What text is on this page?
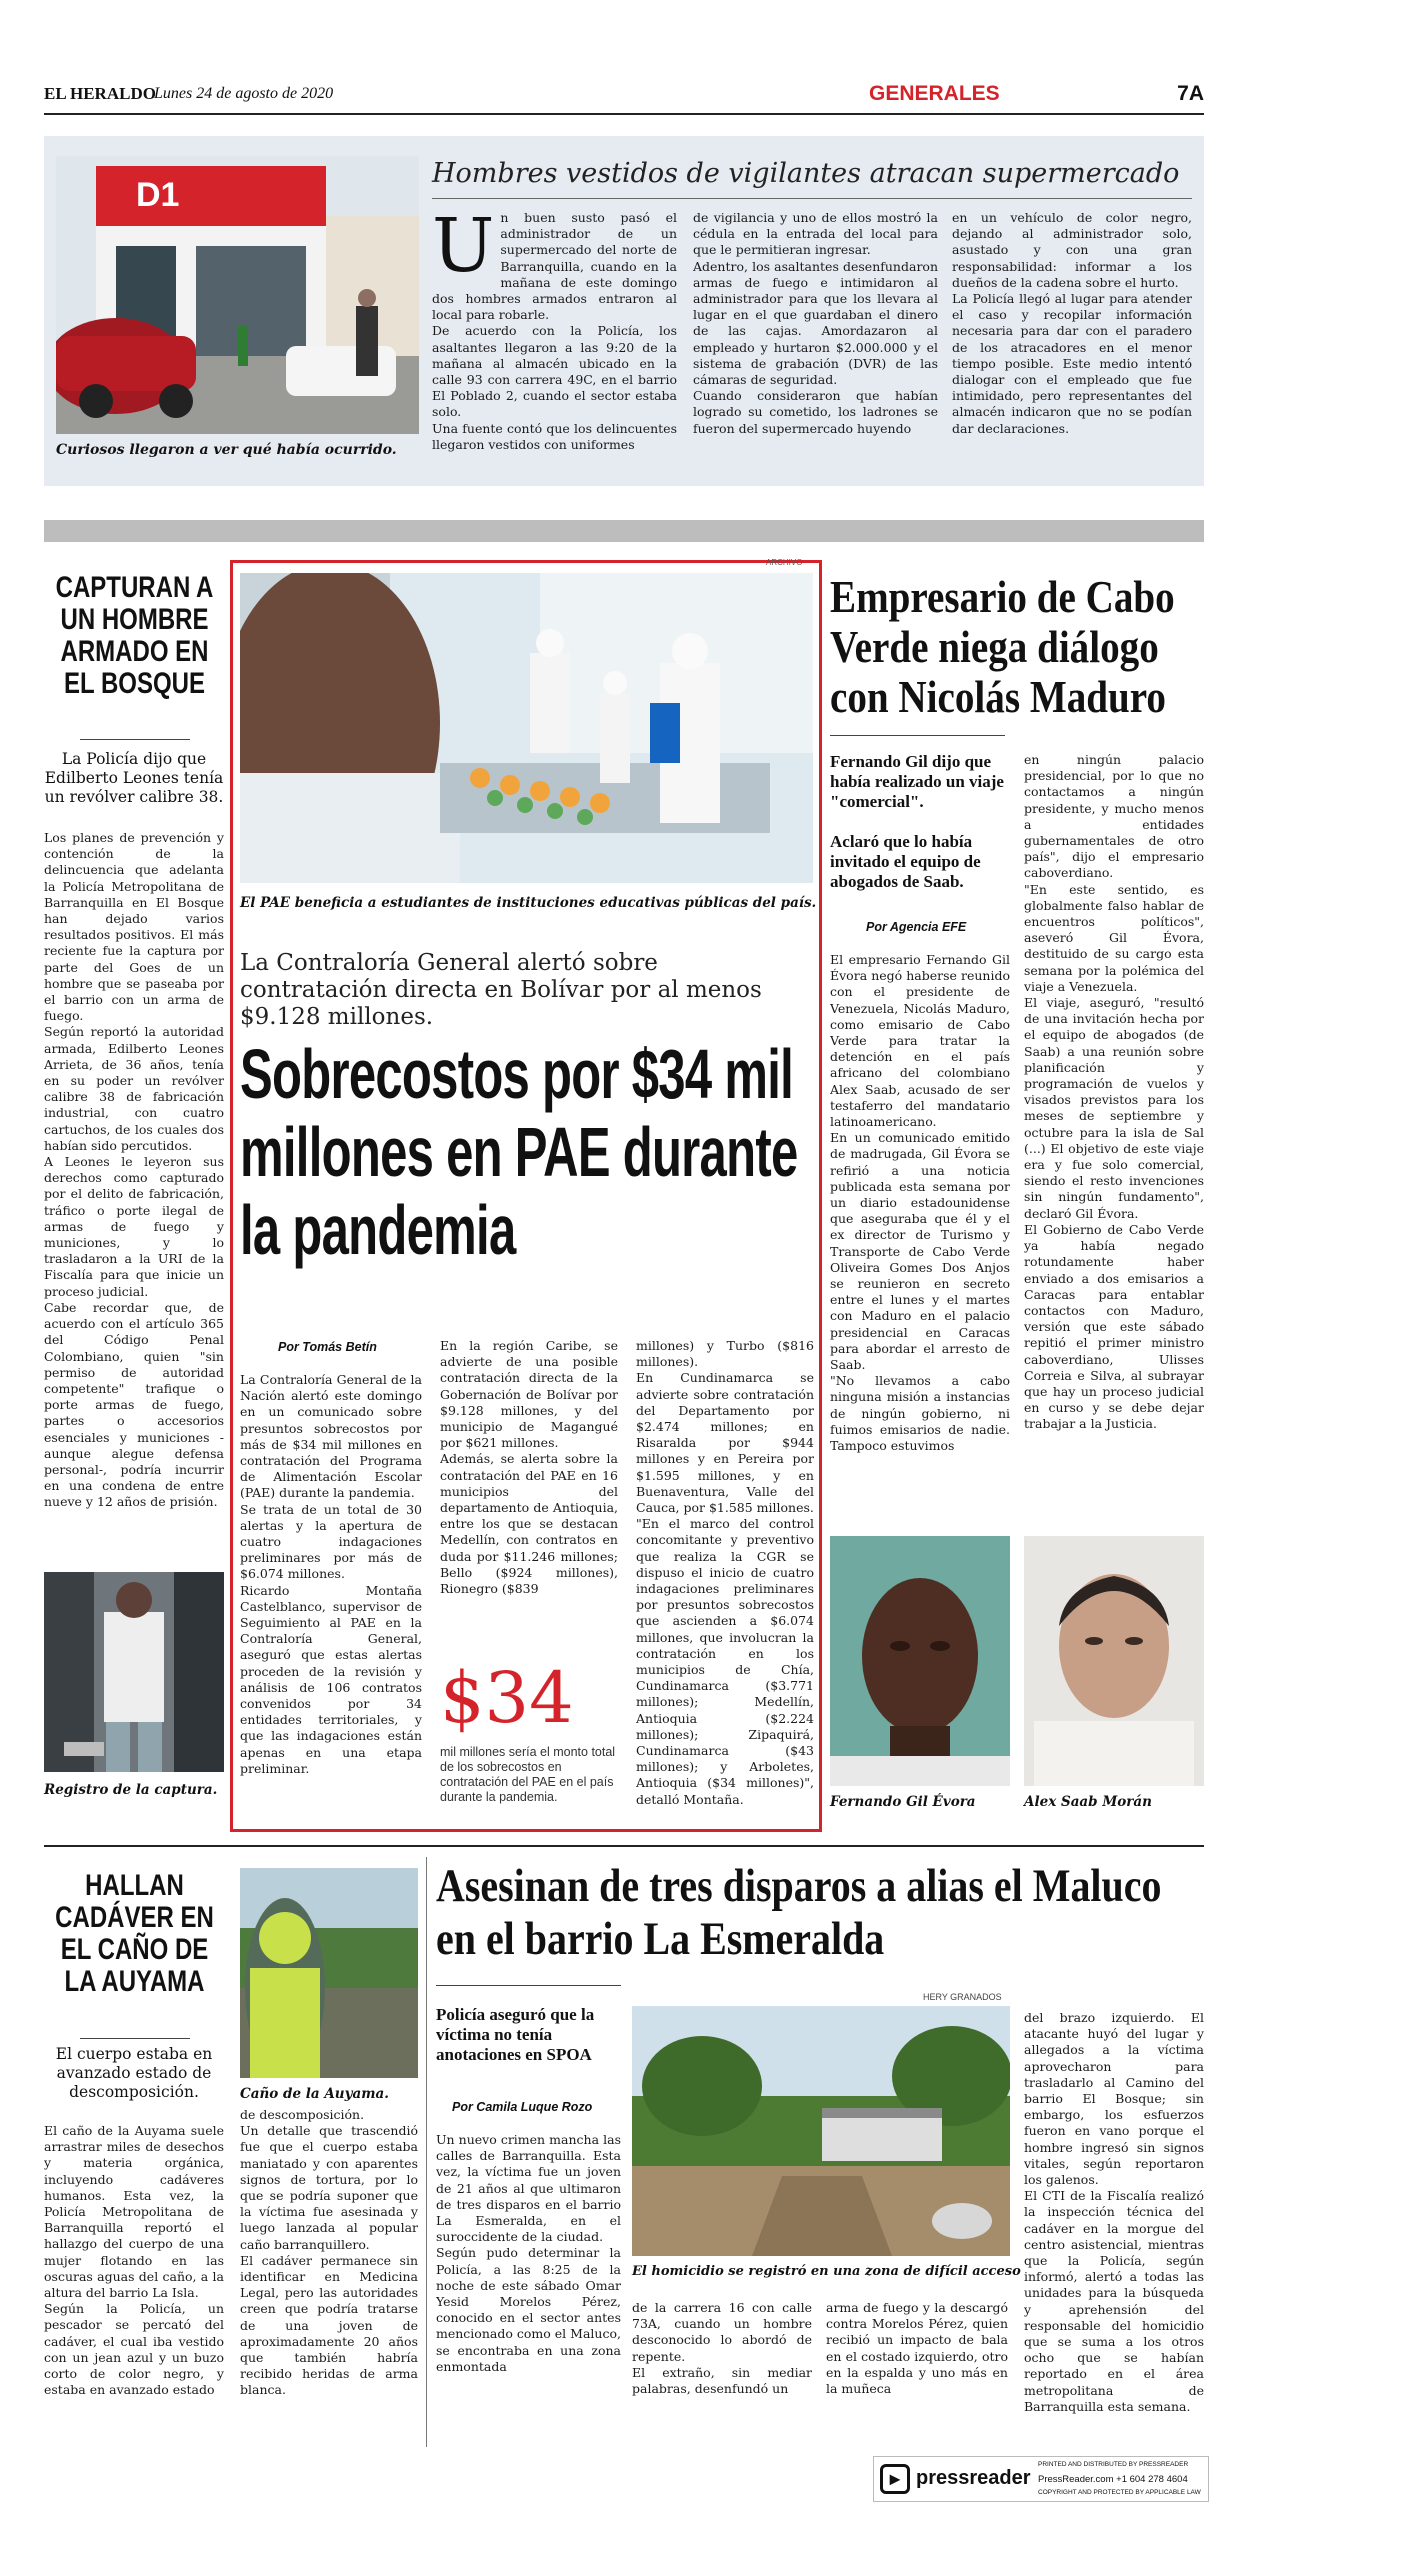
EL HERALDO
Lunes 24 de agosto de 2020	GENERALES	7A
D1
Curiosos llegaron a ver qué había ocurrido.
Hombres vestidos de vigilantes atracan supermercado
U n buen susto pasó el administrador de un supermercado del norte de Barranquilla, cuando en la mañana de este domingo dos hombres armados entraron al local para robarle.
De acuerdo con la Policía, los asaltantes llegaron a las 9:20 de la mañana al almacén ubicado en la calle 93 con carrera 49C, en el barrio El Poblado 2, cuando el sector estaba solo.
Una fuente contó que los delincuentes llegaron vestidos con uniformes

de vigilancia y uno de ellos mostró la cédula en la entrada del local para que le permitieran ingresar.
Adentro, los asaltantes desenfundaron armas de fuego e intimidaron al administrador para que los llevara al lugar en el que guardaban el dinero de las cajas. Amordazaron al empleado y hurtaron $2.000.000 y el sistema de grabación (DVR) de las cámaras de seguridad.
Cuando consideraron que habían logrado su cometido, los ladrones se fueron del supermercado huyendo

en un vehículo de color negro, dejando al administrador solo, asustado y con una gran responsabilidad: informar a los dueños de la cadena sobre el hurto.
La Policía llegó al lugar para atender el caso y recopilar información necesaria para dar con el paradero de los atracadores en el menor tiempo posible. Este medio intentó dialogar con el empleado que fue intimidado, pero representantes del almacén indicaron que no se podían dar declaraciones.

CAPTURAN A UN HOMBRE ARMADO EN EL BOSQUE
La Policía dijo que Edilberto Leones tenía un revólver calibre 38.

Los planes de prevención y contención de la delincuencia que adelanta la Policía Metropolitana de Barranquilla en El Bosque han dejado varios resultados positivos. El más reciente fue la captura por parte del Goes de un hombre que se paseaba por el barrio con un arma de fuego.
Según reportó la autoridad armada, Edilberto Leones Arrieta, de 36 años, tenía en su poder un revólver calibre 38 de fabricación industrial, con cuatro cartuchos, de los cuales dos habían sido percutidos.
A Leones le leyeron sus derechos como capturado por el delito de fabricación, tráfico o porte ilegal de armas de fuego y municiones, y lo trasladaron a la URI de la Fiscalía para que inicie un proceso judicial.
Cabe recordar que, de acuerdo con el artículo 365 del Código Penal Colombiano, quien "sin permiso de autoridad competente" trafique o porte armas de fuego, partes o accesorios esenciales y municiones -aunque alegue defensa personal-, podría incurrir en una condena de entre nueve y 12 años de prisión.

Registro de la captura.
ARCHIVO
El PAE beneficia a estudiantes de instituciones educativas públicas del país.
La Contraloría General alertó sobre contratación directa en Bolívar por al menos $9.128 millones.
Sobrecostos por $34 mil millones en PAE durante la pandemia
Por Tomás Betín

La Contraloría General de la Nación alertó este domingo en un comunicado sobre presuntos sobrecostos por más de $34 mil millones en contratación del Programa de Alimentación Escolar (PAE) durante la pandemia.
Se trata de un total de 30 alertas y la apertura de cuatro indagaciones preliminares por más de $6.074 millones.
Ricardo Montaña Castelblanco, supervisor de Seguimiento al PAE en la Contraloría General, aseguró que estas alertas proceden de la revisión y análisis de 106 contratos convenidos por 34 entidades territoriales, y que las indagaciones están apenas en una etapa preliminar.

En la región Caribe, se advierte de una posible contratación directa de la Gobernación de Bolívar por $9.128 millones, y del municipio de Magangué por $621 millones.
Además, se alerta sobre la contratación del PAE en 16 municipios del departamento de Antioquia, entre los que se destacan Medellín, con contratos en duda por $11.246 millones; Bello ($924 millones), Rionegro ($839

$34
mil millones sería el monto total de los sobrecostos en contratación del PAE en el país durante la pandemia.

millones) y Turbo ($816 millones).
En Cundinamarca se advierte sobre contratación del Departamento por $2.474 millones; en Risaralda por $944 millones y en Pereira por $1.595 millones, y en Buenaventura, Valle del Cauca, por $1.585 millones.
"En el marco del control concomitante y preventivo que realiza la CGR se dispuso el inicio de cuatro indagaciones preliminares por presuntos sobrecostos que ascienden a $6.074 millones, que involucran la contratación en los municipios de Chía, Cundinamarca ($3.771 millones); Medellín, Antioquia ($2.224 millones); Zipaquirá, Cundinamarca ($43 millones); y Arboletes, Antioquia ($34 millones)", detalló Montaña.

Empresario de Cabo Verde niega diálogo con Nicolás Maduro
Fernando Gil dijo que había realizado un viaje "comercial".
Aclaró que lo había invitado el equipo de abogados de Saab.
Por Agencia EFE

El empresario Fernando Gil Évora negó haberse reunido con el presidente de Venezuela, Nicolás Maduro, como emisario de Cabo Verde para tratar la detención en el país africano del colombiano Alex Saab, acusado de ser testaferro del mandatario latinoamericano.
En un comunicado emitido de madrugada, Gil Évora se refirió a una noticia publicada esta semana por un diario estadounidense que aseguraba que él y el ex director de Turismo y Transporte de Cabo Verde Oliveira Gomes Dos Anjos se reunieron en secreto entre el lunes y el martes con Maduro en el palacio presidencial en Caracas para abordar el arresto de Saab.
"No llevamos a cabo ninguna misión a instancias de ningún gobierno, ni fuimos emisarios de nadie. Tampoco estuvimos

en ningún palacio presidencial, por lo que no contactamos a ningún presidente, y mucho menos a entidades gubernamentales de otro país", dijo el empresario caboverdiano.
"En este sentido, es globalmente falso hablar de encuentros políticos", aseveró Gil Évora, destituido de su cargo esta semana por la polémica del viaje a Venezuela.
El viaje, aseguró, "resultó de una invitación hecha por el equipo de abogados (de Saab) a una reunión sobre planificación y programación de vuelos y visados previstos para los meses de septiembre y octubre para la isla de Sal (...) El objetivo de este viaje era y fue solo comercial, siendo el resto invenciones sin ningún fundamento", declaró Gil Évora.
El Gobierno de Cabo Verde ya había negado rotundamente haber enviado a dos emisarios a Caracas para entablar contactos con Maduro, versión que este sábado repitió el primer ministro caboverdiano, Ulisses Correia e Silva, al subrayar que hay un proceso judicial en curso y se debe dejar trabajar a la Justicia.

Fernando Gil Évora	Alex Saab Morán
HALLAN CADÁVER EN EL CAÑO DE LA AUYAMA
El cuerpo estaba en avanzado estado de descomposición.	Caño de la Auyama.

El caño de la Auyama suele arrastrar miles de desechos y materia orgánica, incluyendo cadáveres humanos. Esta vez, la Policía Metropolitana de Barranquilla reportó el hallazgo del cuerpo de una mujer flotando en las oscuras aguas del caño, a la altura del barrio La Isla.
Según la Policía, un pescador se percató del cadáver, el cual iba vestido con un jean azul y un buzo corto de color negro, y estaba en avanzado estado

de descomposición.
Un detalle que trascendió fue que el cuerpo estaba maniatado y con aparentes signos de tortura, por lo que se podría suponer que la víctima fue asesinada y luego lanzada al popular caño barranquillero.
El cadáver permanece sin identificar en Medicina Legal, pero las autoridades creen que podría tratarse de una joven de aproximadamente 20 años que también habría recibido heridas de arma blanca.

Asesinan de tres disparos a alias el Maluco en el barrio La Esmeralda
Policía aseguró que la víctima no tenía anotaciones en SPOA
Por Camila Luque Rozo
HERY GRANADOS
El homicidio se registró en una zona de difícil acceso

Un nuevo crimen mancha las calles de Barranquilla. Esta vez, la víctima fue un joven de 21 años al que ultimaron de tres disparos en el barrio La Esmeralda, en el suroccidente de la ciudad.
Según pudo determinar la Policía, a las 8:25 de la noche de este sábado Omar Yesid Morelos Pérez, conocido en el sector antes mencionado como el Maluco, se encontraba en una zona enmontada

de la carrera 16 con calle 73A, cuando un hombre desconocido lo abordó de repente.
El extraño, sin mediar palabras, desenfundó un

arma de fuego y la descargó contra Morelos Pérez, quien recibió un impacto de bala en el costado izquierdo, otro en la espalda y uno más en la muñeca

del brazo izquierdo. El atacante huyó del lugar y allegados a la víctima aprovecharon para trasladarlo al Camino del barrio El Bosque; sin embargo, los esfuerzos fueron en vano porque el hombre ingresó sin signos vitales, según reportaron los galenos.
El CTI de la Fiscalía realizó la inspección técnica del cadáver en la morgue del centro asistencial, mientras que la Policía, según informó, alertó a todas las unidades para la búsqueda y aprehensión del responsable del homicidio que se suma a los otros ocho que se habían reportado en el área metropolitana de Barranquilla esta semana.

► pressreader
PRINTED AND DISTRIBUTED BY PRESSREADER
PressReader.com +1 604 278 4604
COPYRIGHT AND PROTECTED BY APPLICABLE LAW
